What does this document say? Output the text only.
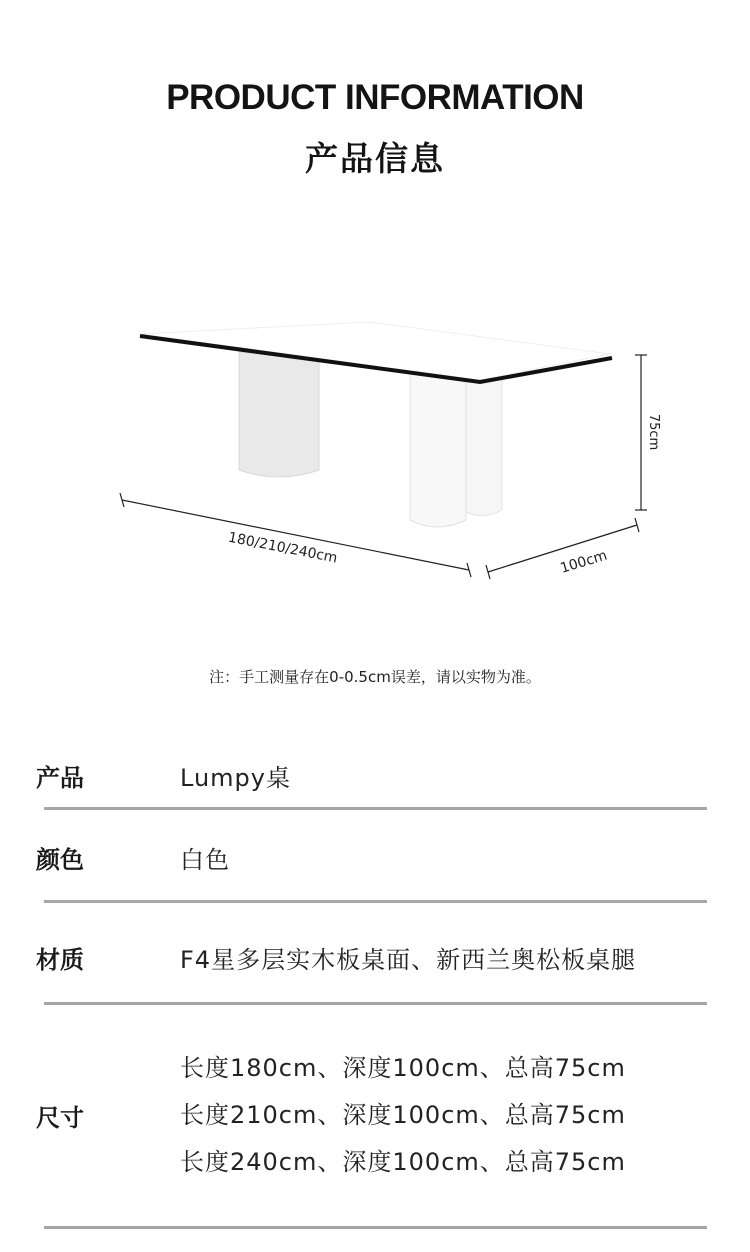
PRODUCT INFORMATION
产品信息
75cm
180/210/240cm	100cm
注：手工测量存在0-0.5cm误差，请以实物为准。
产品	Lumpy桌
颜色	白色
材质	F4星多层实木板桌面、新西兰奥松板桌腿
尺寸
长度180cm、深度100cm、总高75cm
长度210cm、深度100cm、总高75cm
长度240cm、深度100cm、总高75cm
